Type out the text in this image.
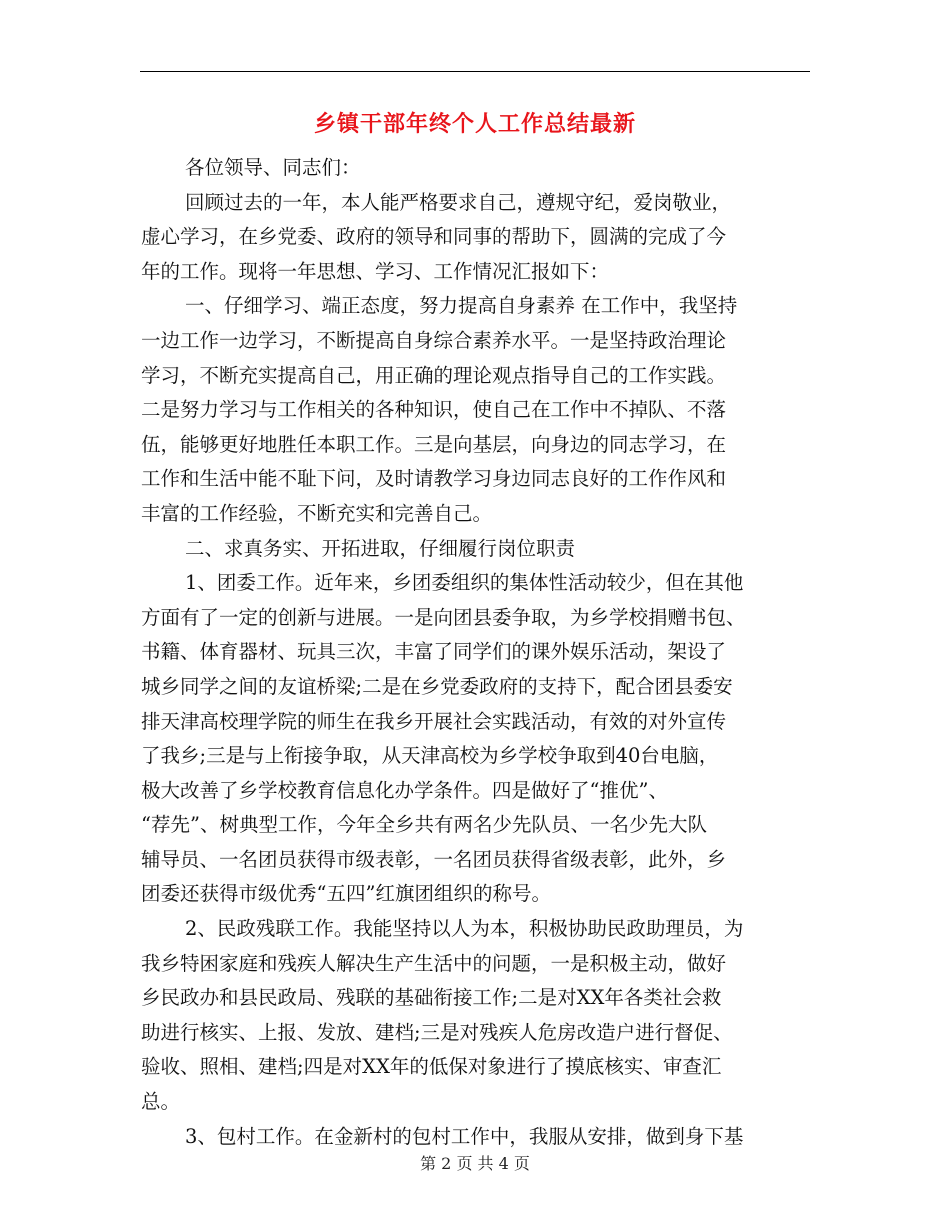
乡镇干部年终个人工作总结最新
各位领导、同志们：
回顾过去的一年，本人能严格要求自己，遵规守纪，爱岗敬业，
虚心学习，在乡党委、政府的领导和同事的帮助下，圆满的完成了今
年的工作。现将一年思想、学习、工作情况汇报如下：
一、仔细学习、端正态度，努力提高自身素养 在工作中，我坚持
一边工作一边学习，不断提高自身综合素养水平。一是坚持政治理论
学习，不断充实提高自己，用正确的理论观点指导自己的工作实践。
二是努力学习与工作相关的各种知识，使自己在工作中不掉队、不落
伍，能够更好地胜任本职工作。三是向基层，向身边的同志学习，在
工作和生活中能不耻下问，及时请教学习身边同志良好的工作作风和
丰富的工作经验，不断充实和完善自己。
二、求真务实、开拓进取，仔细履行岗位职责
1、团委工作。近年来，乡团委组织的集体性活动较少，但在其他
方面有了一定的创新与进展。一是向团县委争取，为乡学校捐赠书包、
书籍、体育器材、玩具三次，丰富了同学们的课外娱乐活动，架设了
城乡同学之间的友谊桥梁;二是在乡党委政府的支持下，配合团县委安
排天津高校理学院的师生在我乡开展社会实践活动，有效的对外宣传
了我乡;三是与上衔接争取，从天津高校为乡学校争取到40台电脑，
极大改善了乡学校教育信息化办学条件。四是做好了“推优”、
“荐先”、树典型工作，今年全乡共有两名少先队员、一名少先大队
辅导员、一名团员获得市级表彰，一名团员获得省级表彰，此外，乡
团委还获得市级优秀“五四”红旗团组织的称号。
2、民政残联工作。我能坚持以人为本，积极协助民政助理员，为
我乡特困家庭和残疾人解决生产生活中的问题，一是积极主动，做好
乡民政办和县民政局、残联的基础衔接工作;二是对XX年各类社会救
助进行核实、上报、发放、建档;三是对残疾人危房改造户进行督促、
验收、照相、建档;四是对XX年的低保对象进行了摸底核实、审查汇
总。
3、包村工作。在金新村的包村工作中，我服从安排，做到身下基
第 2 页 共 4 页
